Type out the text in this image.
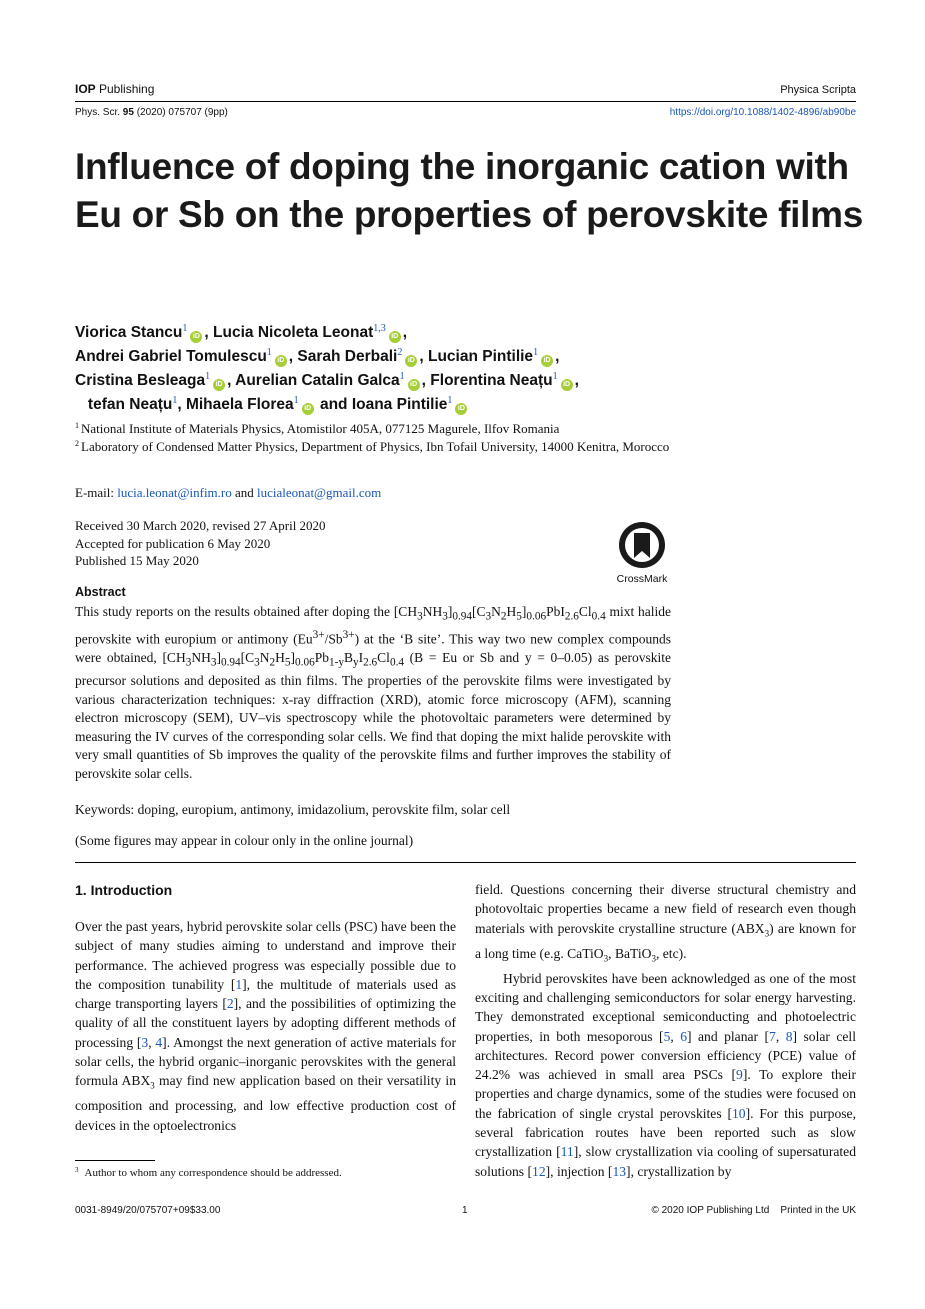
IOP Publishing	Physica Scripta
Phys. Scr. 95 (2020) 075707 (9pp)	https://doi.org/10.1088/1402-4896/ab90be
Influence of doping the inorganic cation with Eu or Sb on the properties of perovskite films
Viorica Stancu$^1$iD , Lucia Nicoleta Leonat$^{1,3}$iD ,
Andrei Gabriel Tomulescu$^1$iD , Sarah Derbali$^2$iD , Lucian Pintilie$^1$iD ,
Cristina Besleaga$^1$iD , Aurelian Catalin Galca$^1$iD , Florentina Neațu$^1$iD ,
tefan Neațu$^1$, Mihaela Florea$^1$iD and Ioana Pintilie$^1$iD
$^1$ National Institute of Materials Physics, Atomistilor 405A, 077125 Magurele, Ilfov Romania
$^2$ Laboratory of Condensed Matter Physics, Department of Physics, Ibn Tofail University, 14000 Kenitra, Morocco
E-mail: lucia.leonat@infim.ro and lucialeonat@gmail.com
Received 30 March 2020, revised 27 April 2020
Accepted for publication 6 May 2020
Published 15 May 2020
CrossMark
Abstract
This study reports on the results obtained after doping the $[CH_3NH_3]_{0.94}[C_3N_2H_5]_{0.06}PbI_{2.6}Cl_{0.4}$ mixt halide perovskite with europium or antimony $(Eu^{3+}/Sb^{3+})$ at the ‘B site’. This way two new complex compounds were obtained, $[CH_3NH_3]_{0.94}[C_3N_2H_5]_{0.06}Pb_{1-y}B_yI_{2.6}Cl_{0.4}$ (B = Eu or Sb and y = 0–0.05) as perovskite precursor solutions and deposited as thin films. The properties of the perovskite films were investigated by various characterization techniques: x-ray diffraction (XRD), atomic force microscopy (AFM), scanning electron microscopy (SEM), UV–vis spectroscopy while the photovoltaic parameters were determined by measuring the IV curves of the corresponding solar cells. We find that doping the mixt halide perovskite with very small quantities of Sb improves the quality of the perovskite films and further improves the stability of perovskite solar cells.
Keywords: doping, europium, antimony, imidazolium, perovskite film, solar cell
(Some figures may appear in colour only in the online journal)
1. Introduction

Over the past years, hybrid perovskite solar cells (PSC) have been the subject of many studies aiming to understand and improve their performance. The achieved progress was especially possible due to the composition tunability [1], the multitude of materials used as charge transporting layers [2], and the possibilities of optimizing the quality of all the constituent layers by adopting different methods of processing [3, 4]. Amongst the next generation of active materials for solar cells, the hybrid organic–inorganic perovskites with the general formula $ABX_3$ may find new application based on their versatility in composition and processing, and low effective production cost of devices in the optoelectronics

field. Questions concerning their diverse structural chemistry and photovoltaic properties became a new field of research even though materials with perovskite crystalline structure $(ABX_3)$ are known for a long time (e.g. CaTiO$_3$, BaTiO$_3$, etc).

Hybrid perovskites have been acknowledged as one of the most exciting and challenging semiconductors for solar energy harvesting. They demonstrated exceptional semiconducting and photoelectric properties, in both mesoporous [5, 6] and planar [7, 8] solar cell architectures. Record power conversion efficiency (PCE) value of 24.2% was achieved in small area PSCs [9]. To explore their properties and charge dynamics, some of the studies were focused on the fabrication of single crystal perovskites [10]. For this purpose, several fabrication routes have been reported such as slow crystallization [11], slow crystallization via cooling of supersaturated solutions [12], injection [13], crystallization by

$^3$ Author to whom any correspondence should be addressed.
0031-8949/20/075707+09$33.00	1	© 2020 IOP Publishing Ltd    Printed in the UK
